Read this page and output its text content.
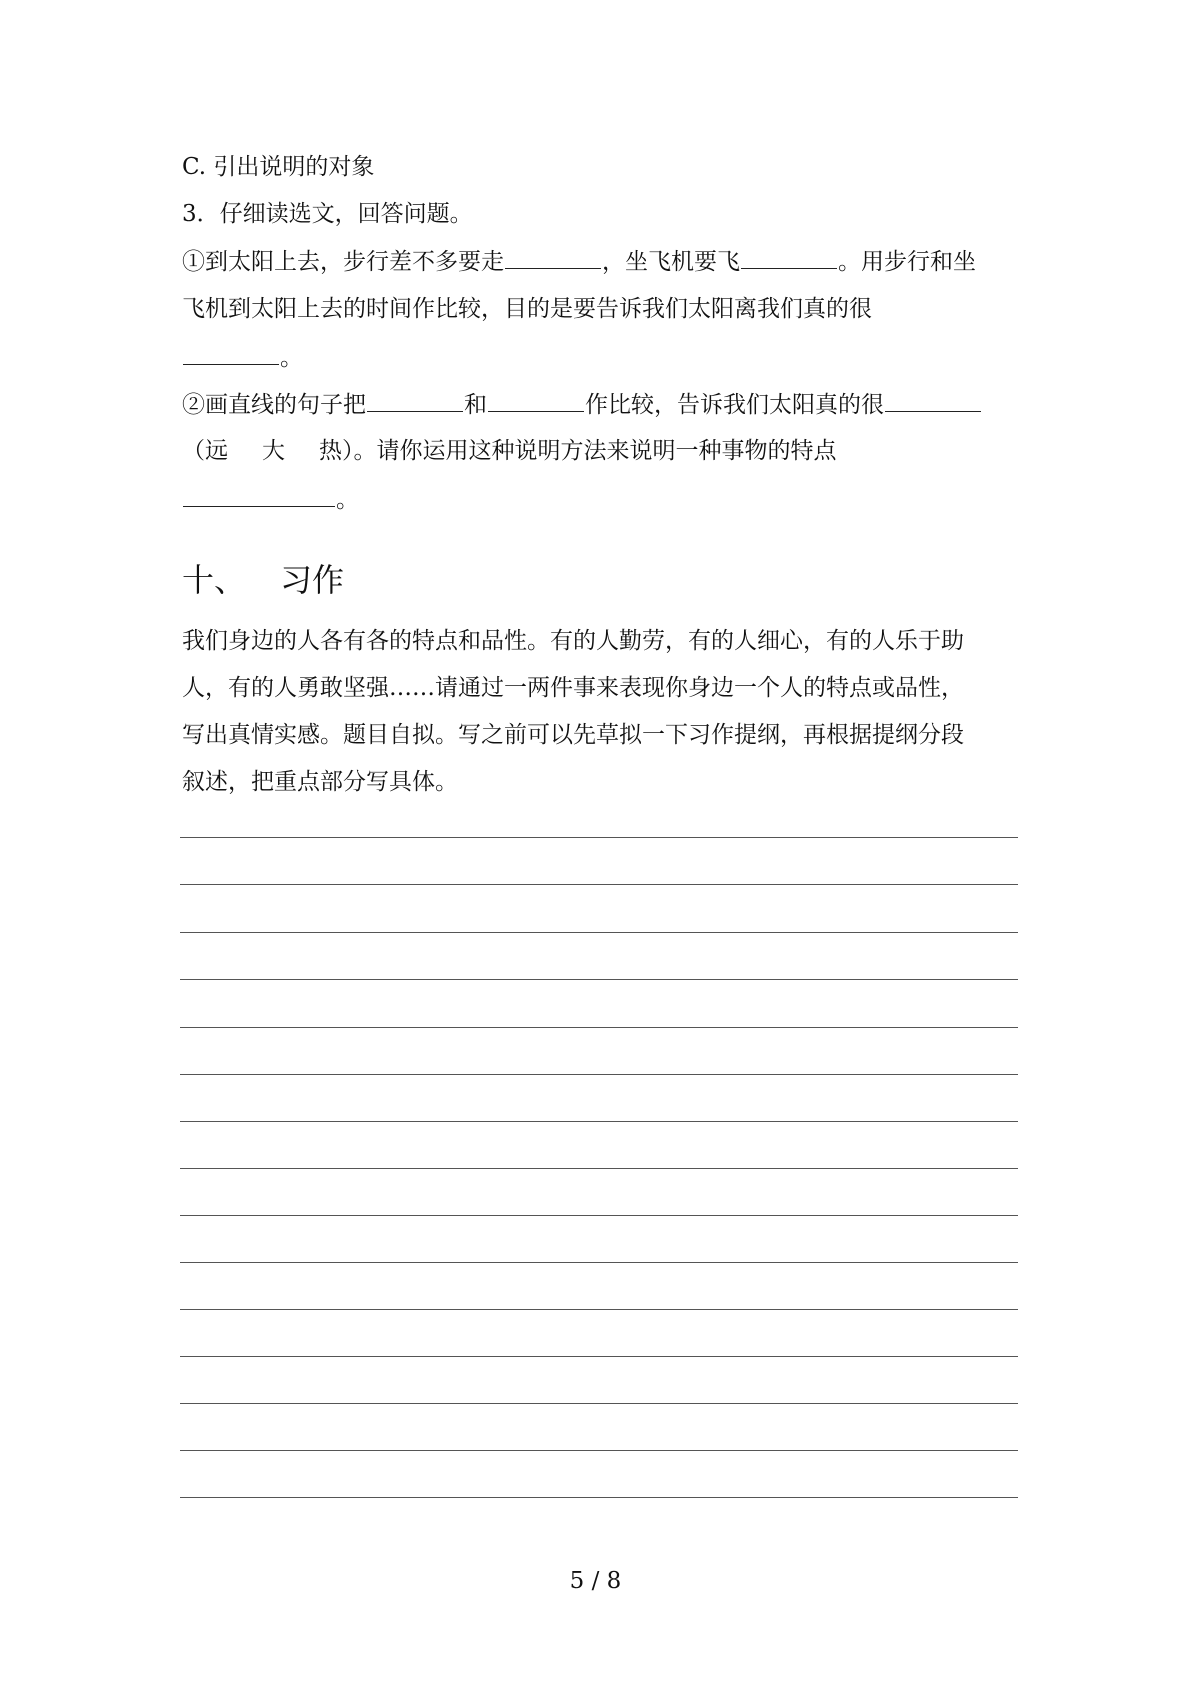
C. 引出说明的对象
3．仔细读选文，回答问题。
①到太阳上去，步行差不多要走	，坐飞机要飞	。用步行和坐
飞机到太阳上去的时间作比较，目的是要告诉我们太阳离我们真的很
。
②画直线的句子把	和	作比较，告诉我们太阳真的很
（远 大 热）。请你运用这种说明方法来说明一种事物的特点
。
十、 习作
我们身边的人各有各的特点和品性。有的人勤劳，有的人细心，有的人乐于助
人，有的人勇敢坚强……请通过一两件事来表现你身边一个人的特点或品性，
写出真情实感。题目自拟。写之前可以先草拟一下习作提纲，再根据提纲分段
叙述，把重点部分写具体。
5 / 8
